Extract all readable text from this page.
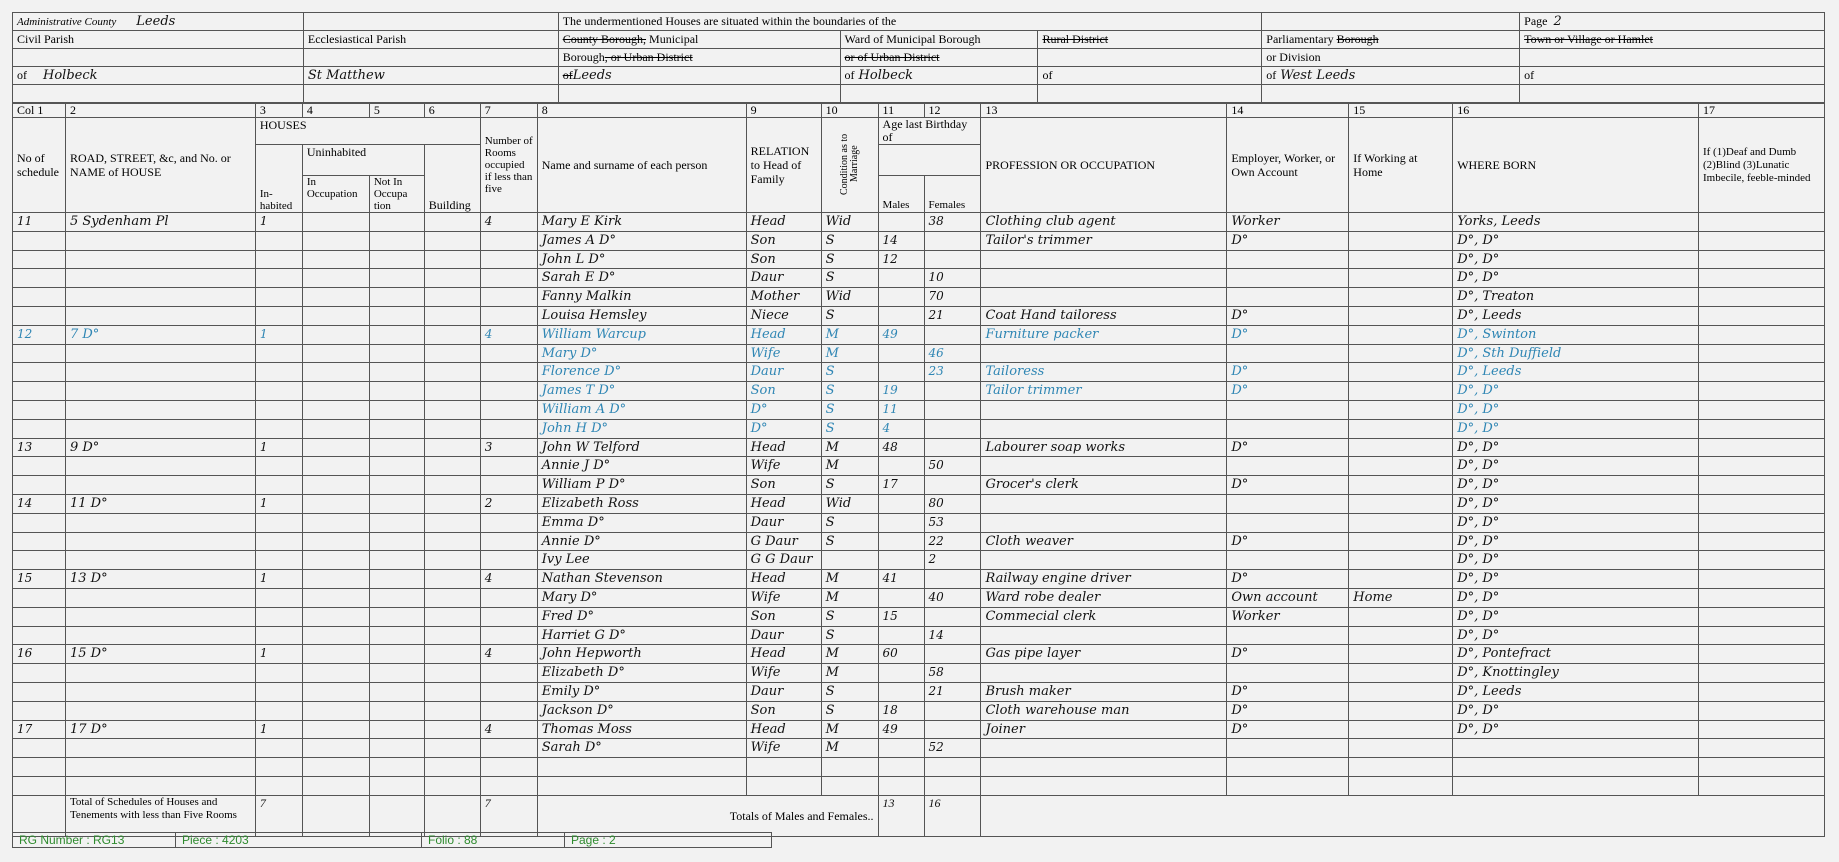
Administrative County Leeds		The undermentioned Houses are situated within the boundaries of the				Page 2
Civil Parish	Ecclesiastical Parish	County Borough, Municipal	Ward of Municipal Borough	Rural District	Parliamentary Borough	Town or Village or Hamlet
		Borough, or Urban District	or of Urban District		or Division	
of Holbeck	St Matthew	ofLeeds	of Holbeck	of	of West Leeds	of

Col 1	2	3	4	5	6	7	8	9	10	11	12	13	14	15	16	17
No of schedule	ROAD, STREET, &c, and No. or NAME of HOUSE	HOUSES				Number of Rooms occupied if less than five	Name and surname of each person	RELATION to Head of Family	Condition as to Marriage	Age last Birthday of		PROFESSION OR OCCUPATION	Employer, Worker, or Own Account	If Working at Home	WHERE BORN	If (1)Deaf and Dumb (2)Blind (3)Lunatic Imbecile, feeble-minded
		In-habited	Uninhabited		Building											
			In Occupation	Not In Occupa tion						Males	Females					
11	5 Sydenham Pl	1				4	Mary E Kirk	Head	Wid		38	Clothing club agent	Worker		Yorks, Leeds	
							James A D°	Son	S	14		Tailor's trimmer	D°		D°, D°	
							John L D°	Son	S	12					D°, D°	
							Sarah E D°	Daur	S		10				D°, D°	
							Fanny Malkin	Mother	Wid		70				D°, Treaton	
							Louisa Hemsley	Niece	S		21	Coat Hand tailoress	D°		D°, Leeds	
12	7 D°	1				4	William Warcup	Head	M	49		Furniture packer	D°		D°, Swinton	
							Mary D°	Wife	M		46				D°, Sth Duffield	
							Florence D°	Daur	S		23	Tailoress	D°		D°, Leeds	
							James T D°	Son	S	19		Tailor trimmer	D°		D°, D°	
							William A D°	D°	S	11					D°, D°	
							John H D°	D°	S	4					D°, D°	
13	9 D°	1				3	John W Telford	Head	M	48		Labourer soap works	D°		D°, D°	
							Annie J D°	Wife	M		50				D°, D°	
							William P D°	Son	S	17		Grocer's clerk	D°		D°, D°	
14	11 D°	1				2	Elizabeth Ross	Head	Wid		80				D°, D°	
							Emma D°	Daur	S		53				D°, D°	
							Annie D°	G Daur	S		22	Cloth weaver	D°		D°, D°	
							Ivy Lee	G G Daur			2				D°, D°	
15	13 D°	1				4	Nathan Stevenson	Head	M	41		Railway engine driver	D°		D°, D°	
							Mary D°	Wife	M		40	Ward robe dealer	Own account	Home	D°, D°	
							Fred D°	Son	S	15		Commecial clerk	Worker		D°, D°	
							Harriet G D°	Daur	S		14				D°, D°	
16	15 D°	1				4	John Hepworth	Head	M	60		Gas pipe layer	D°		D°, Pontefract	
							Elizabeth D°	Wife	M		58				D°, Knottingley	
							Emily D°	Daur	S		21	Brush maker	D°		D°, Leeds	
							Jackson D°	Son	S	18		Cloth warehouse man	D°		D°, D°	
17	17 D°	1				4	Thomas Moss	Head	M	49		Joiner	D°		D°, D°	
							Sarah D°	Wife	M		52					

	Total of Schedules of Houses and Tenements with less than Five Rooms	7				7	Totals of Males and Females..			13	16					
RG Number : RG13	Piece : 4203	Folio : 88	Page : 2
